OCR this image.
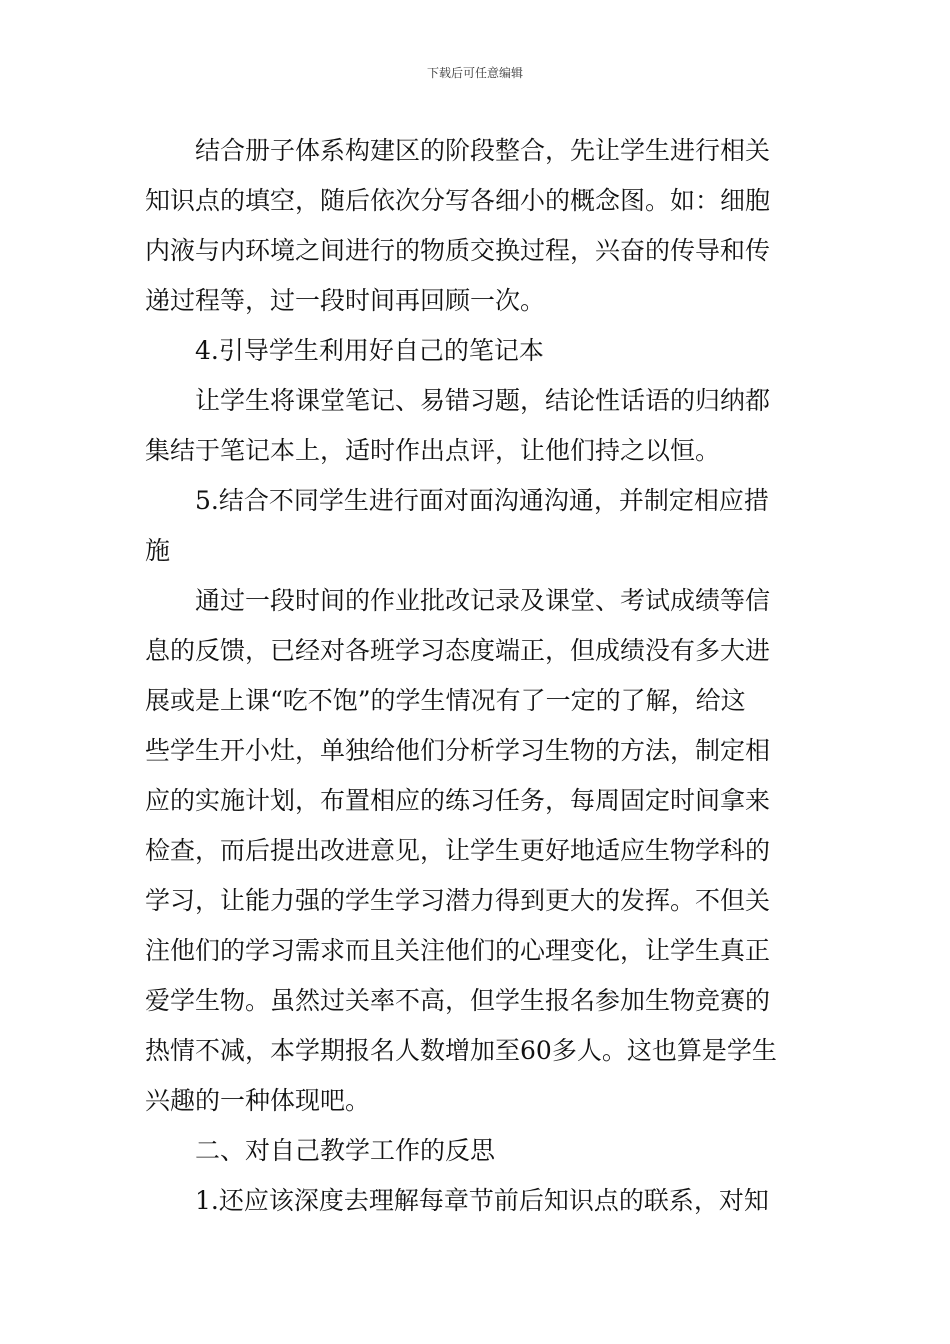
下载后可任意编辑
结合册子体系构建区的阶段整合，先让学生进行相关
知识点的填空，随后依次分写各细小的概念图。如：细胞
内液与内环境之间进行的物质交换过程，兴奋的传导和传
递过程等，过一段时间再回顾一次。
4.引导学生利用好自己的笔记本
让学生将课堂笔记、易错习题，结论性话语的归纳都
集结于笔记本上，适时作出点评，让他们持之以恒。
5.结合不同学生进行面对面沟通沟通，并制定相应措
施
通过一段时间的作业批改记录及课堂、考试成绩等信
息的反馈，已经对各班学习态度端正，但成绩没有多大进
展或是上课“吃不饱”的学生情况有了一定的了解，给这
些学生开小灶，单独给他们分析学习生物的方法，制定相
应的实施计划，布置相应的练习任务，每周固定时间拿来
检查，而后提出改进意见，让学生更好地适应生物学科的
学习，让能力强的学生学习潜力得到更大的发挥。不但关
注他们的学习需求而且关注他们的心理变化，让学生真正
爱学生物。虽然过关率不高，但学生报名参加生物竞赛的
热情不减，本学期报名人数增加至60多人。这也算是学生
兴趣的一种体现吧。
二、对自己教学工作的反思
1.还应该深度去理解每章节前后知识点的联系，对知
